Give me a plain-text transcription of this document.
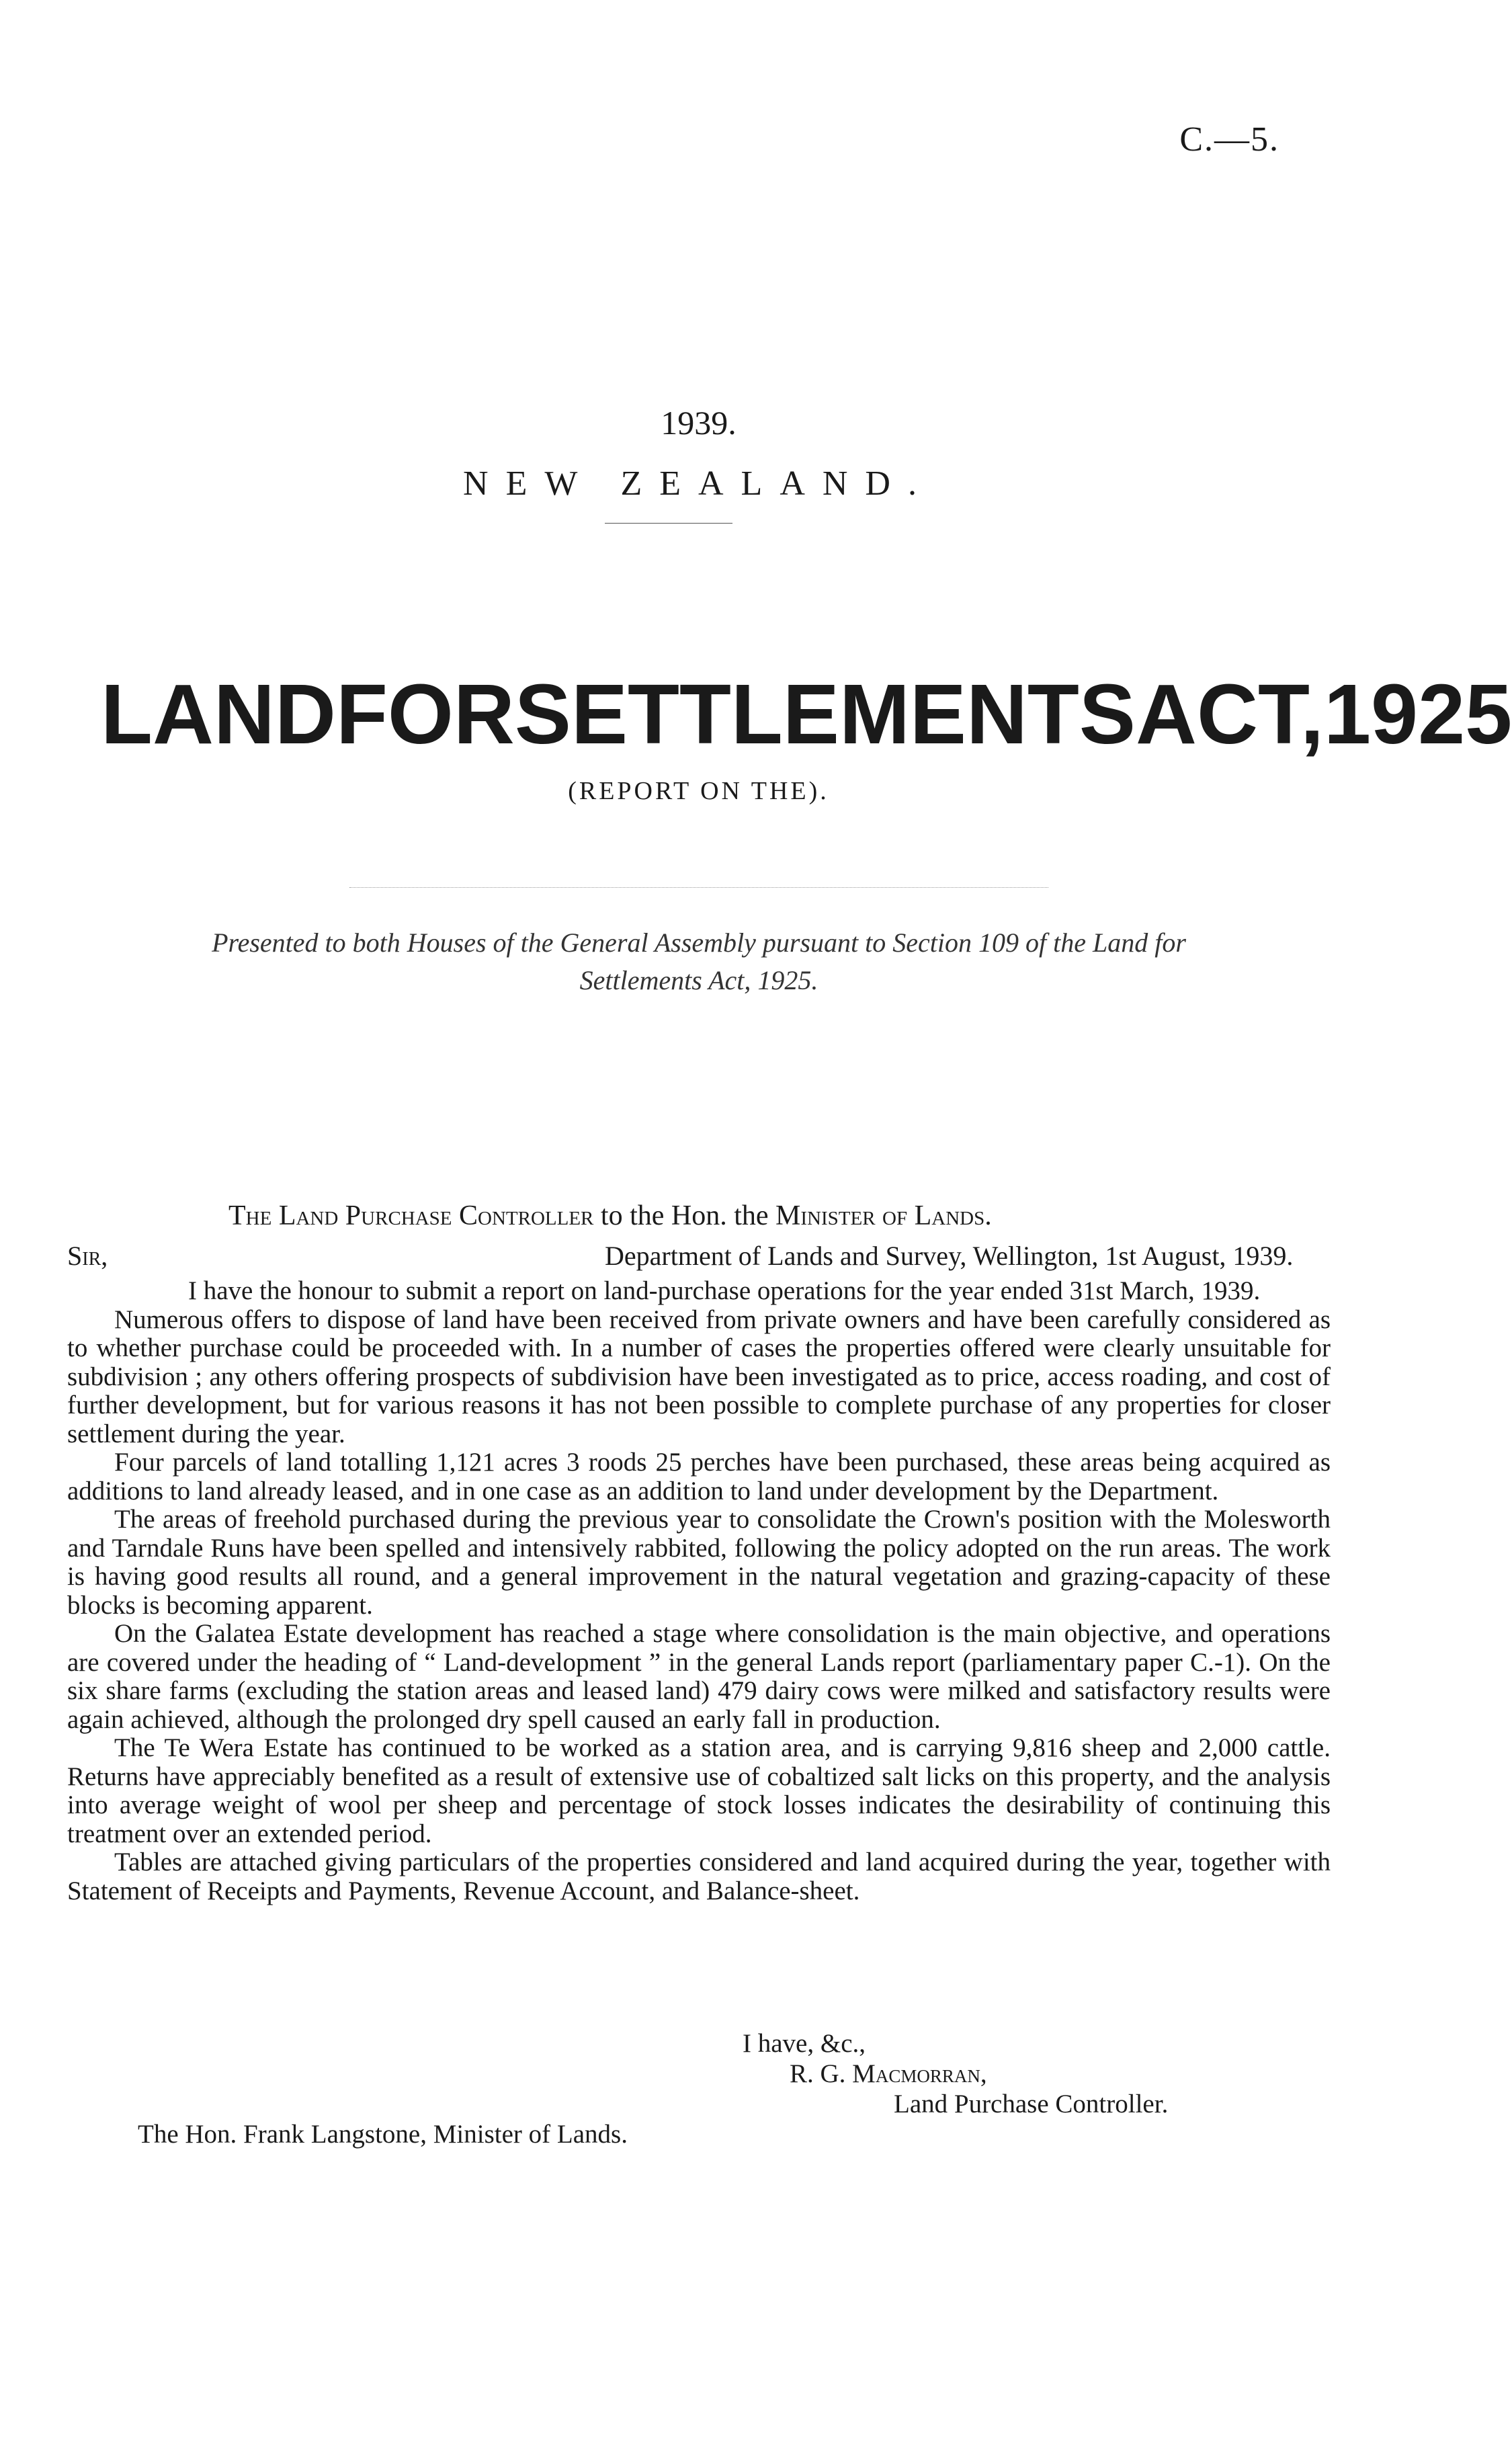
C.—5.
1939.
NEW ZEALAND.
LAND FOR SETTLEMENTS ACT, 1925
(REPORT ON THE).
Presented to both Houses of the General Assembly pursuant to Section 109 of the Land for Settlements Act, 1925.
The Land Purchase Controller to the Hon. the Minister of Lands.
Sir,	Department of Lands and Survey, Wellington, 1st August, 1939.

I have the honour to submit a report on land-purchase operations for the year ended 31st March, 1939.

Numerous offers to dispose of land have been received from private owners and have been carefully considered as to whether purchase could be proceeded with. In a number of cases the properties offered were clearly unsuitable for subdivision ; any others offering prospects of subdivision have been investigated as to price, access roading, and cost of further development, but for various reasons it has not been possible to complete purchase of any properties for closer settlement during the year.

Four parcels of land totalling 1,121 acres 3 roods 25 perches have been purchased, these areas being acquired as additions to land already leased, and in one case as an addition to land under development by the Department.

The areas of freehold purchased during the previous year to consolidate the Crown's position with the Molesworth and Tarndale Runs have been spelled and intensively rabbited, following the policy adopted on the run areas. The work is having good results all round, and a general improvement in the natural vegetation and grazing-capacity of these blocks is becoming apparent.

On the Galatea Estate development has reached a stage where consolidation is the main objective, and operations are covered under the heading of “ Land-development ” in the general Lands report (parliamentary paper C.-1). On the six share farms (excluding the station areas and leased land) 479 dairy cows were milked and satisfactory results were again achieved, although the prolonged dry spell caused an early fall in production.

The Te Wera Estate has continued to be worked as a station area, and is carrying 9,816 sheep and 2,000 cattle. Returns have appreciably benefited as a result of extensive use of cobaltized salt licks on this property, and the analysis into average weight of wool per sheep and percentage of stock losses indicates the desirability of continuing this treatment over an extended period.

Tables are attached giving particulars of the properties considered and land acquired during the year, together with Statement of Receipts and Payments, Revenue Account, and Balance-sheet.

I have, &c.,
R. G. Macmorran,
Land Purchase Controller.
The Hon. Frank Langstone, Minister of Lands.
